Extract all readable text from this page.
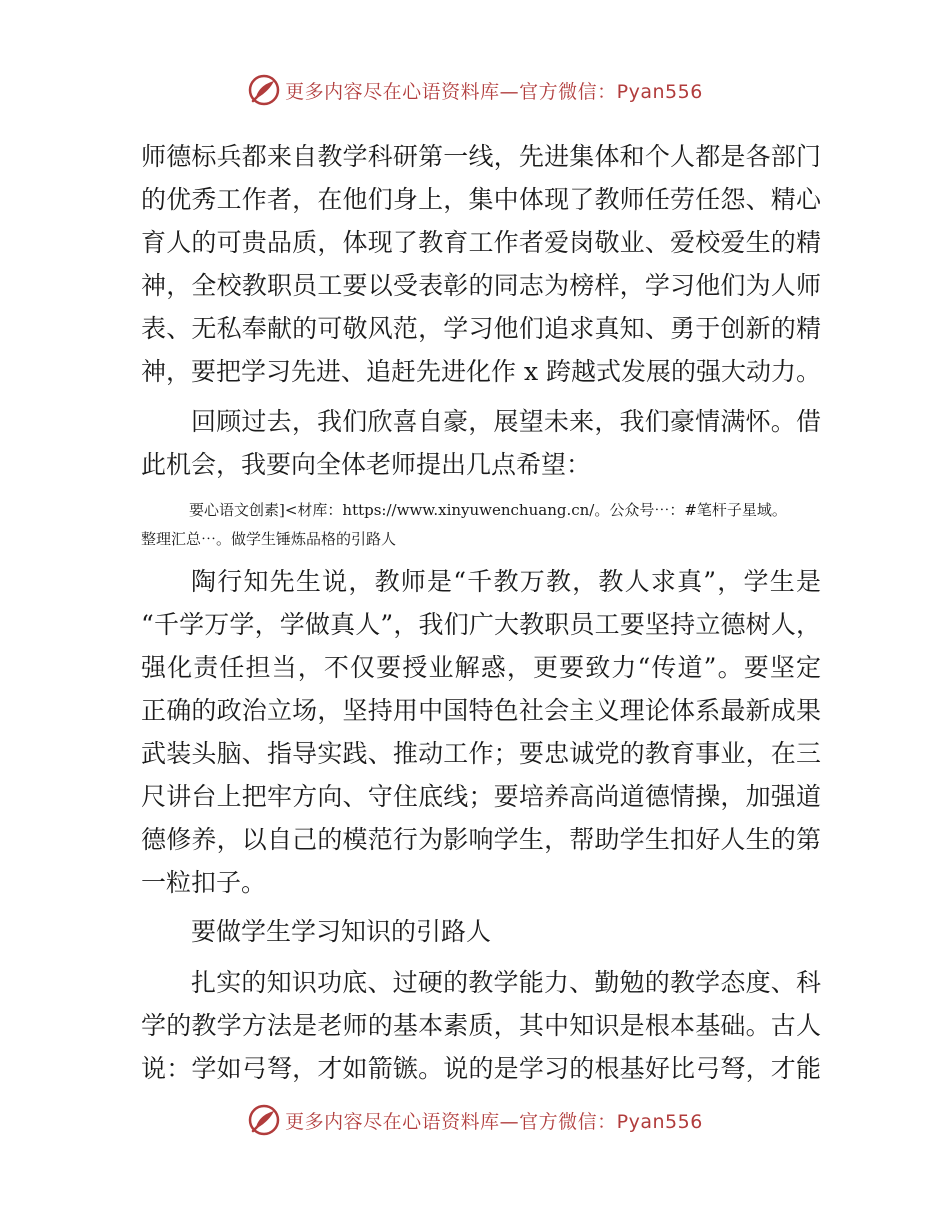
更多内容尽在心语资料库—官方微信：Pyan556
师德标兵都来自教学科研第一线，先进集体和个人都是各部门
的优秀工作者，在他们身上，集中体现了教师任劳任怨、精心
育人的可贵品质，体现了教育工作者爱岗敬业、爱校爱生的精
神，全校教职员工要以受表彰的同志为榜样，学习他们为人师
表、无私奉献的可敬风范，学习他们追求真知、勇于创新的精
神，要把学习先进、追赶先进化作 x 跨越式发展的强大动力。
回顾过去，我们欣喜自豪，展望未来，我们豪情满怀。借
此机会，我要向全体老师提出几点希望：
要心语文创素]<材库：https://www.xinyuwenchuang.cn/。公众号⋯：#笔杆子星域。
整理汇总⋯。做学生锤炼品格的引路人
陶行知先生说，教师是“千教万教，教人求真”，学生是
“千学万学，学做真人”，我们广大教职员工要坚持立德树人，
强化责任担当，不仅要授业解惑，更要致力“传道”。要坚定
正确的政治立场，坚持用中国特色社会主义理论体系最新成果
武装头脑、指导实践、推动工作；要忠诚党的教育事业，在三
尺讲台上把牢方向、守住底线；要培养高尚道德情操，加强道
德修养，以自己的模范行为影响学生，帮助学生扣好人生的第
一粒扣子。
要做学生学习知识的引路人
扎实的知识功底、过硬的教学能力、勤勉的教学态度、科
学的教学方法是老师的基本素质，其中知识是根本基础。古人
说：学如弓弩，才如箭镞。说的是学习的根基好比弓弩，才能
更多内容尽在心语资料库—官方微信：Pyan556
